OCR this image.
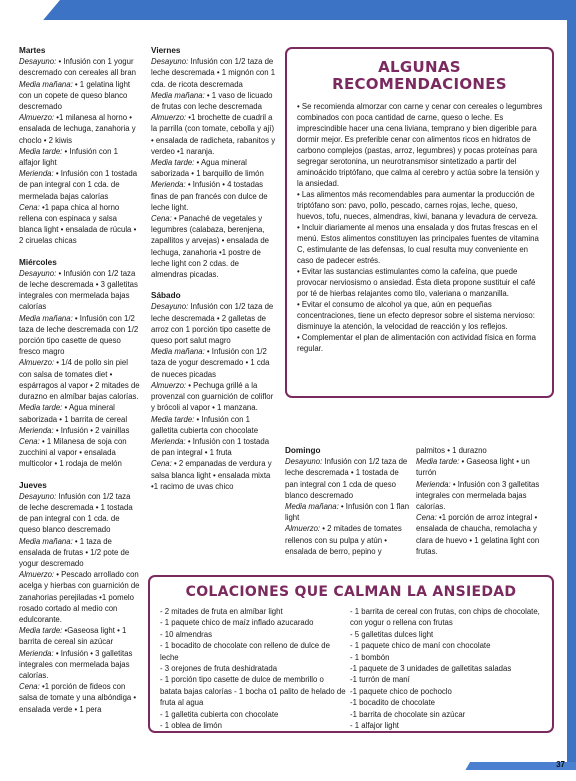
Martes

Desayuno: • Infusión con 1 yogur descremado con cereales all bran

Media mañana: • 1 gelatina light con un copete de queso blanco descremado

Almuerzo: •1 milanesa al horno • ensalada de lechuga, zanahoria y choclo • 2 kiwis

Media tarde: • Infusión con 1 alfajor light

Merienda: • Infusión con 1 tostada de pan integral con 1 cda. de mermelada bajas calorías

Cena: •1 papa chica al horno rellena con espinaca y salsa blanca light • ensalada de rúcula • 2 ciruelas chicas

Miércoles

Desayuno: • Infusión con 1/2 taza de leche descremada • 3 galletitas integrales con mermelada bajas calorías

Media mañana: • Infusión con 1/2 taza de leche descremada con 1/2 porción tipo casette de queso fresco magro

Almuerzo: • 1/4 de pollo sin piel con salsa de tomates diet • espárragos al vapor • 2 mitades de durazno en almíbar bajas calorías.

Media tarde: • Agua mineral saborizada • 1 barrita de cereal

Merienda: • Infusión • 2 vainillas

Cena: • 1 Milanesa de soja con zucchini al vapor • ensalada multicolor • 1 rodaja de melón

Jueves

Desayuno: Infusión con 1/2 taza de leche descremada • 1 tostada de pan integral con 1 cda. de queso blanco descremado

Media mañana: • 1 taza de ensalada de frutas • 1/2 pote de yogur descremado

Almuerzo: • Pescado arrollado con acelga y hierbas con guarnición de zanahorias perejiladas •1 pomelo rosado cortado al medio con edulcorante.

Media tarde: •Gaseosa light • 1 barrita de cereal sin azúcar

Merienda: • Infusión • 3 galletitas integrales con mermelada bajas calorías.

Cena: •1 porción de fideos con salsa de tomate y una albóndiga • ensalada verde • 1 pera

Viernes

Desayuno: Infusión con 1/2 taza de leche descremada • 1 mignón con 1 cda. de ricota descremada

Media mañana: • 1 vaso de licuado de frutas con leche descremada

Almuerzo: •1 brochette de cuadril a la parrilla (con tomate, cebolla y ají) • ensalada de radicheta, rabanitos y verdeo •1 naranja.

Media tarde: • Agua mineral saborizada • 1 barquillo de limón

Merienda: • Infusión • 4 tostadas finas de pan francés con dulce de leche light.

Cena: • Panaché de vegetales y legumbres (calabaza, berenjena, zapallitos y arvejas) • ensalada de lechuga, zanahoria •1 postre de leche light con 2 cdas. de almendras picadas.

Sábado

Desayuno: Infusión con 1/2 taza de leche descremada • 2 galletas de arroz con 1 porción tipo casette de queso port salut magro

Media mañana: • Infusión con 1/2 taza de yogur descremado • 1 cda de nueces picadas

Almuerzo: • Pechuga grillé a la provenzal con guarnición de coliflor y brócoli al vapor • 1 manzana.

Media tarde: • Infusión con 1 galletita cubierta con chocolate

Merienda: • Infusión con 1 tostada de pan integral • 1 fruta

Cena: • 2 empanadas de verdura y salsa blanca light • ensalada mixta •1 racimo de uvas chico

ALGUNAS
RECOMENDACIONES

• Se recomienda almorzar con carne y cenar con cereales o legumbres combinados con poca cantidad de carne, queso o leche. Es imprescindible hacer una cena liviana, temprano y bien digerible para dormir mejor. Es preferible cenar con alimentos ricos en hidratos de carbono complejos (pastas, arroz, legumbres) y pocas proteínas para segregar serotonina, un neurotransmisor sintetizado a partir del aminoácido triptófano, que calma al cerebro y actúa sobre la tensión y la ansiedad.

• Las alimentos más recomendables para aumentar la producción de triptófano son: pavo, pollo, pescado, carnes rojas, leche, queso, huevos, tofu, nueces, almendras, kiwi, banana y levadura de cerveza.

• Incluir diariamente al menos una ensalada y dos frutas frescas en el menú. Estos alimentos constituyen las principales fuentes de vitamina C, estimulante de las defensas, lo cual resulta muy conveniente en caso de padecer estrés.

• Evitar las sustancias estimulantes como la cafeína, que puede provocar nerviosismo o ansiedad. Ésta dieta propone sustituir el café por té de hierbas relajantes como tilo, valeriana o manzanilla.

• Evitar el consumo de alcohol ya que, aún en pequeñas concentraciones, tiene un efecto depresor sobre el sistema nervioso: disminuye la atención, la velocidad de reacción y los reflejos.

• Complementar el plan de alimentación con actividad física en forma regular.

Domingo

Desayuno: Infusión con 1/2 taza de leche descremada • 1 tostada de pan integral con 1 cda de queso blanco descremado

Media mañana: • Infusión con 1 flan light

Almuerzo: • 2 mitades de tomates rellenos con su pulpa y atún • ensalada de berro, pepino y

palmitos • 1 durazno

Media tarde: • Gaseosa light • un turrón

Merienda: • Infusión con 3 galletitas integrales con mermelada bajas calorías.

Cena: •1 porción de arroz integral • ensalada de chaucha, remolacha y clara de huevo • 1 gelatina light con frutas.

COLACIONES QUE CALMAN LA ANSIEDAD
- 2 mitades de fruta en almíbar light
- 1 paquete chico de maíz inflado azucarado
- 10 almendras
- 1 bocadito de chocolate con relleno de dulce de leche
- 3 orejones de fruta deshidratada
- 1 porción tipo casette de dulce de membrillo o batata bajas calorías - 1 bocha o1 palito de helado de fruta al agua
- 1 galletita cubierta con chocolate
- 1 oblea de limón
- 1 barrita de cereal con frutas, con chips de chocolate, con yogur o rellena con frutas
- 5 galletitas dulces light
- 1 paquete chico de maní con chocolate
- 1 bombón
-1 paquete de 3 unidades de galletitas saladas
-1 turrón de maní
-1 paquete chico de pochoclo
-1 bocadito de chocolate
-1 barrita de chocolate sin azúcar
- 1 alfajor light
37
